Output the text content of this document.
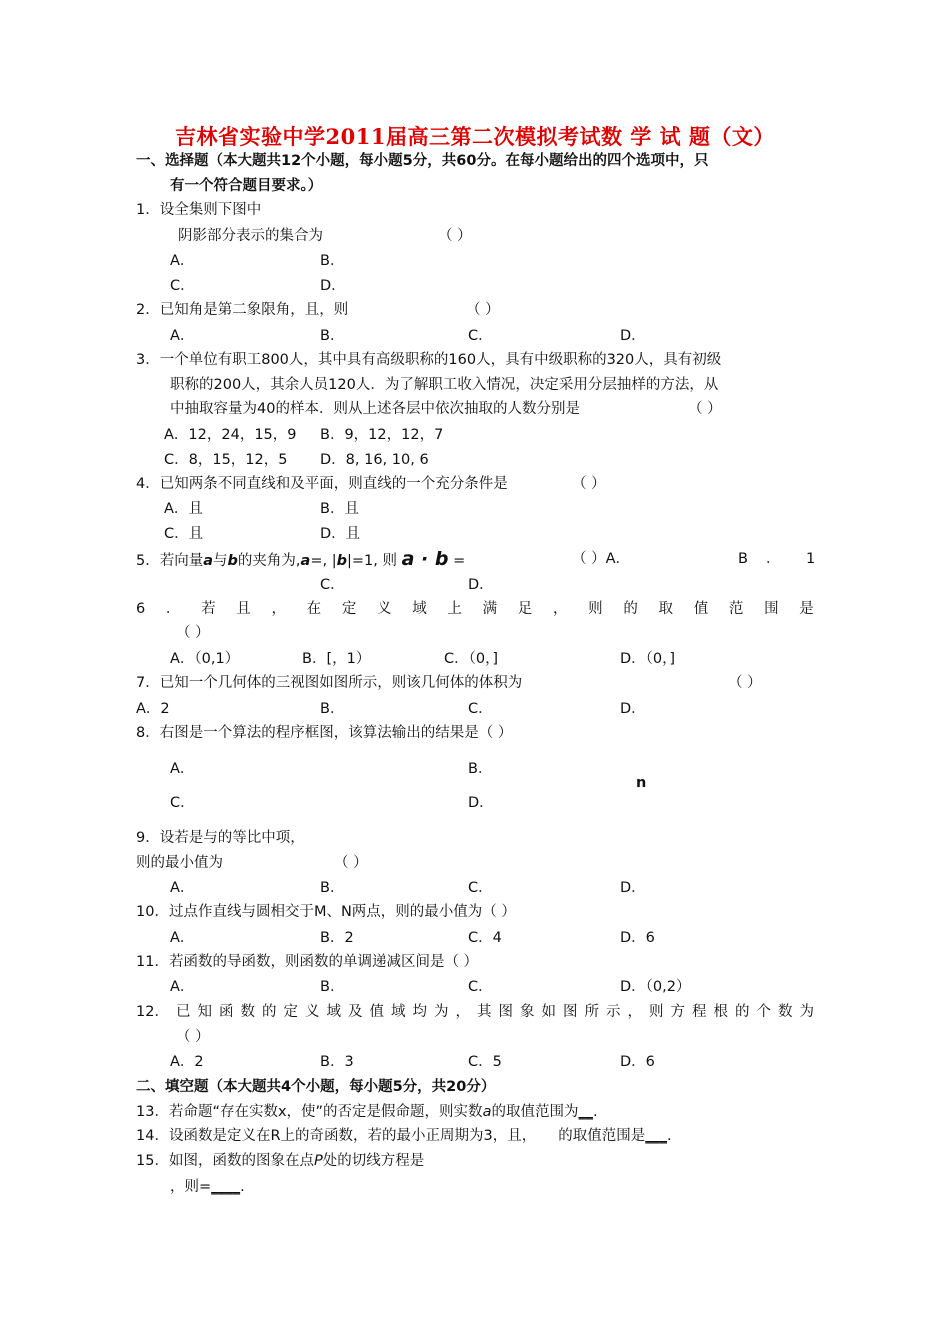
吉林省实验中学2011届高三第二次模拟考试数 学 试 题（文）
一、选择题（本大题共12个小题，每小题5分，共60分。在每小题给出的四个选项中，只
有一个符合题目要求。）
1．设全集则下图中
阴影部分表示的集合为	（ ）
A．	B．
C．	D．
2．已知角是第二象限角，且，则	（ ）
A．	B．	C．	D．
3．一个单位有职工800人，其中具有高级职称的160人，具有中级职称的320人，具有初级
职称的200人，其余人员120人．为了解职工收入情况，决定采用分层抽样的方法，从
中抽取容量为40的样本．则从上述各层中依次抽取的人数分别是	（ ）
A．12，24，15，9 B．9，12，12，7
C．8，15，12，5 D．8, 16, 10, 6
4．已知两条不同直线和及平面，则直线的一个充分条件是	（ ）
A．且	B．且
C．且	D．且
5．若向量a与b的夹角为,a=, |b|=1, 则 a · b =	（ ）A．	B ． 1
C．	D．
6 ． 若 且 ， 在 定 义 域 上 满 足 ， 则 的 取 值 范 围 是
（ ）
A．（0,1）	B．[，1）	C．（0，]	D．（0，]
7．已知一个几何体的三视图如图所示，则该几何体的体积为	（ ）
A．2	B．	C．	D．
8．右图是一个算法的程序框图，该算法输出的结果是（ ）
A．	B．
n
C．	D．
9．设若是与的等比中项，
则的最小值为	（ ）
A．	B．	C．	D．
10．过点作直线与圆相交于M、N两点，则的最小值为（ ）
A．	B．2	C．4	D．6
11．若函数的导函数，则函数的单调递减区间是（ ）
A．	B．	C．	D．（0,2）
12． 已 知 函 数 的 定 义 域 及 值 域 均 为 ， 其 图 象 如 图 所 示 ， 则 方 程 根 的 个 数 为
（ ）
A．2	B．3	C．5	D．6
二、填空题（本大题共4个小题，每小题5分，共20分）
13．若命题“存在实数x，使”的否定是假命题，则实数a的取值范围为__.
14．设函数是定义在R上的奇函数，若的最小正周期为3，且， 的取值范围是___.
15．如图，函数的图象在点P处的切线方程是
，则=____.
